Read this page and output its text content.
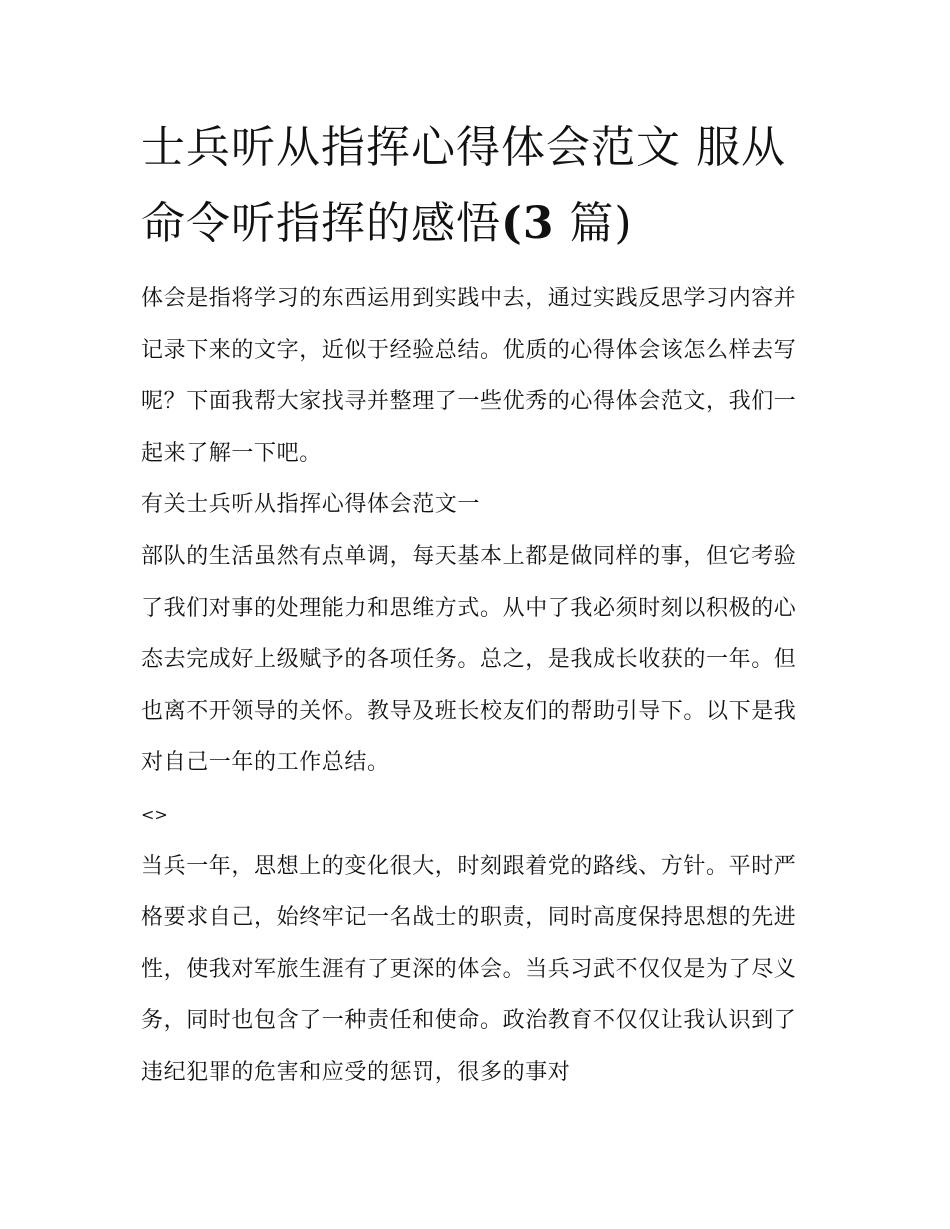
士兵听从指挥心得体会范文 服从命令听指挥的感悟(3 篇)

体会是指将学习的东西运用到实践中去，通过实践反思学习内容并记录下来的文字，近似于经验总结。优质的心得体会该怎么样去写呢？下面我帮大家找寻并整理了一些优秀的心得体会范文，我们一起来了解一下吧。

有关士兵听从指挥心得体会范文一

部队的生活虽然有点单调，每天基本上都是做同样的事，但它考验了我们对事的处理能力和思维方式。从中了我必须时刻以积极的心态去完成好上级赋予的各项任务。总之，是我成长收获的一年。但也离不开领导的关怀。教导及班长校友们的帮助引导下。以下是我对自己一年的工作总结。

<>

当兵一年，思想上的变化很大，时刻跟着党的路线、方针。平时严格要求自己，始终牢记一名战士的职责，同时高度保持思想的先进性，使我对军旅生涯有了更深的体会。当兵习武不仅仅是为了尽义务，同时也包含了一种责任和使命。政治教育不仅仅让我认识到了违纪犯罪的危害和应受的惩罚，很多的事对
